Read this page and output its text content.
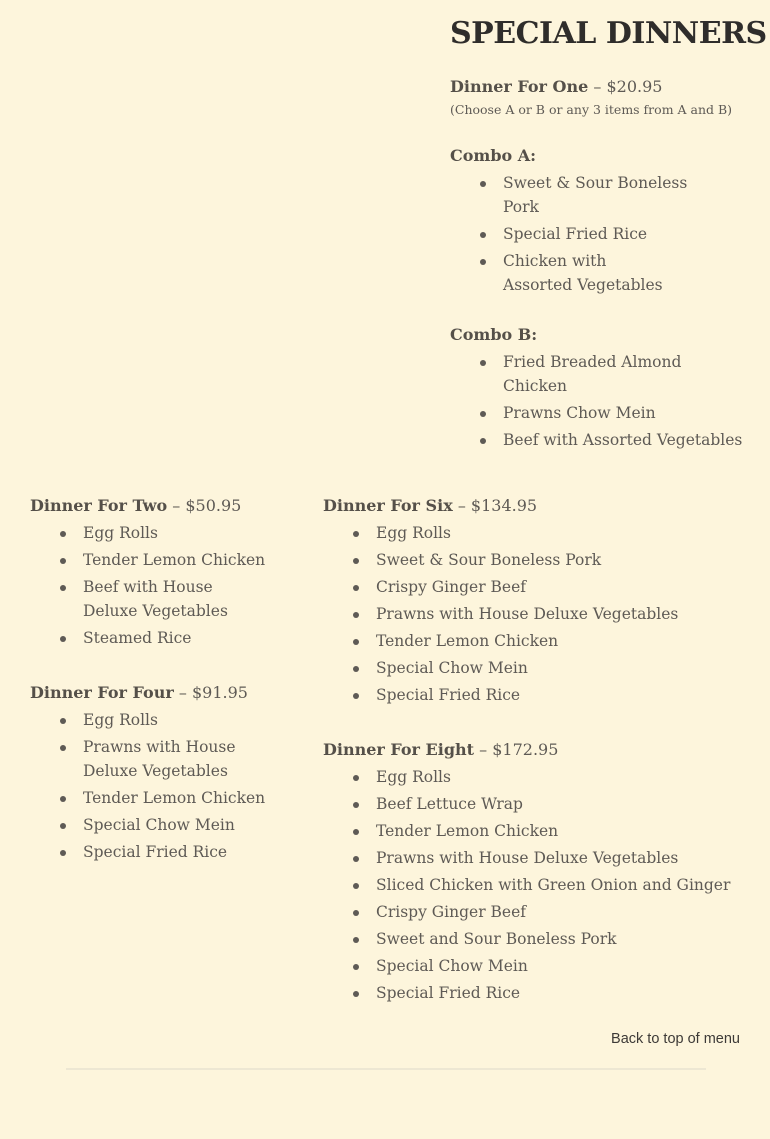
SPECIAL DINNERS
Dinner For One – $20.95
(Choose A or B or any 3 items from A and B)
Combo A:
Sweet & Sour Boneless Pork
Special Fried Rice
Chicken with Assorted Vegetables
Combo B:
Fried Breaded Almond Chicken
Prawns Chow Mein
Beef with Assorted Vegetables
Dinner For Two – $50.95
Egg Rolls
Tender Lemon Chicken
Beef with House Deluxe Vegetables
Steamed Rice
Dinner For Four – $91.95
Egg Rolls
Prawns with House Deluxe Vegetables
Tender Lemon Chicken
Special Chow Mein
Special Fried Rice
Dinner For Six – $134.95
Egg Rolls
Sweet & Sour Boneless Pork
Crispy Ginger Beef
Prawns with House Deluxe Vegetables
Tender Lemon Chicken
Special Chow Mein
Special Fried Rice
Dinner For Eight – $172.95
Egg Rolls
Beef Lettuce Wrap
Tender Lemon Chicken
Prawns with House Deluxe Vegetables
Sliced Chicken with Green Onion and Ginger
Crispy Ginger Beef
Sweet and Sour Boneless Pork
Special Chow Mein
Special Fried Rice
Back to top of menu
